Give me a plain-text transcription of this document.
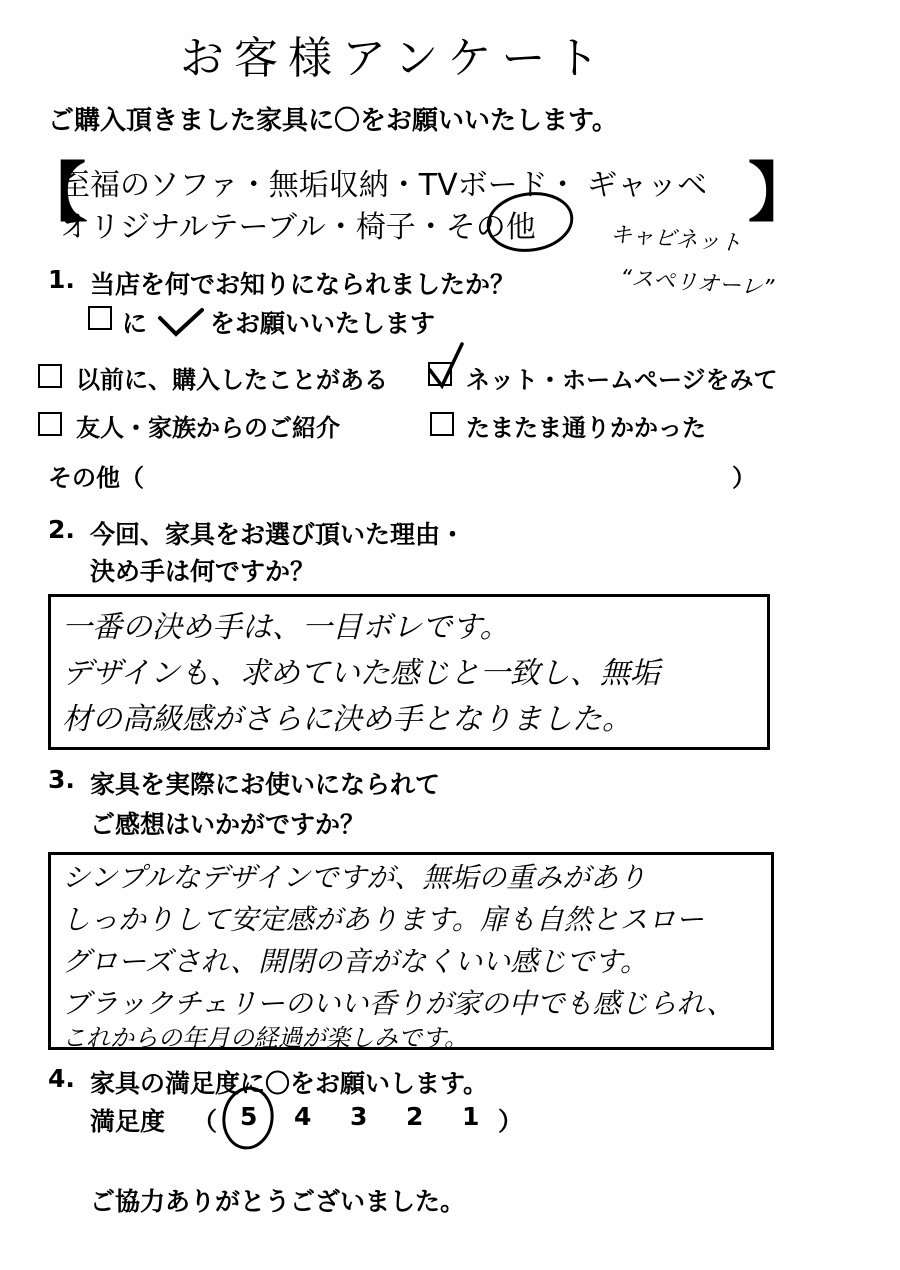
お客様アンケート
ご購入頂きました家具に〇をお願いいたします。
【
至福のソファ・無垢収納・TVボード・ ギャッベ
オリジナルテーブル・椅子・その他	】
キャビネット
“スペリオーレ”
1. 当店を何でお知りになられましたか？
に	をお願いいたします
以前に、購入したことがある	ネット・ホームページをみて
友人・家族からのご紹介	たまたま通りかかった
その他（	）
2. 今回、家具をお選び頂いた理由・
決め手は何ですか？
一番の決め手は、一目ボレです。
デザインも、求めていた感じと一致し、無垢
材の高級感がさらに決め手となりました。
3. 家具を実際にお使いになられて
ご感想はいかがですか？
シンプルなデザインですが、無垢の重みがあり
しっかりして安定感があります。扉も自然とスロー
グローズされ、開閉の音がなくいい感じです。
ブラックチェリーのいい香りが家の中でも感じられ、
これからの年月の経過が楽しみです。
4. 家具の満足度に〇をお願いします。
満足度 （ 5 4 3 2 1 ）
ご協力ありがとうございました。
